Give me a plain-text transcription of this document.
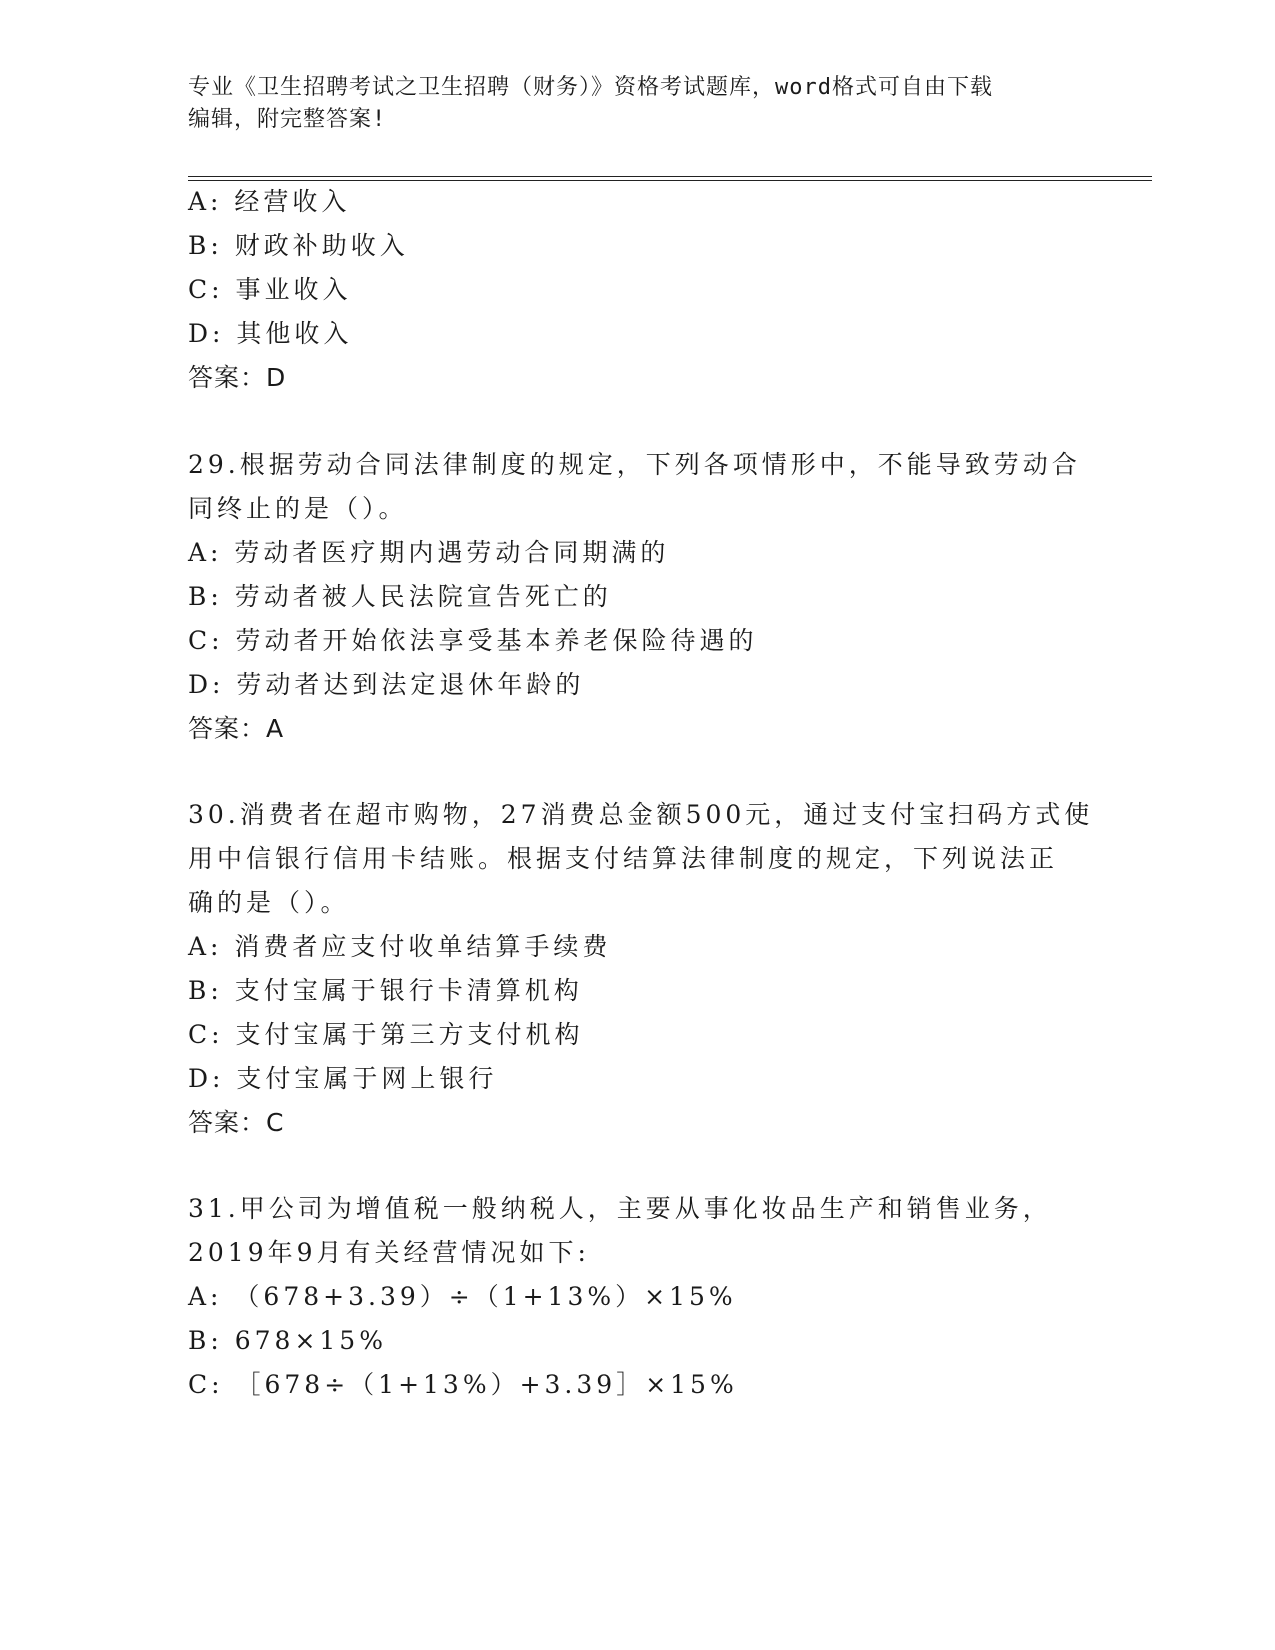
专业《卫生招聘考试之卫生招聘（财务）》资格考试题库，word格式可自由下载
编辑，附完整答案!
A: 经营收入
B: 财政补助收入
C: 事业收入
D: 其他收入
答案：D
29.根据劳动合同法律制度的规定，下列各项情形中，不能导致劳动合
同终止的是（）。
A: 劳动者医疗期内遇劳动合同期满的
B: 劳动者被人民法院宣告死亡的
C: 劳动者开始依法享受基本养老保险待遇的
D: 劳动者达到法定退休年龄的
答案：A
30.消费者在超市购物，27消费总金额500元，通过支付宝扫码方式使
用中信银行信用卡结账。根据支付结算法律制度的规定，下列说法正
确的是（）。
A: 消费者应支付收单结算手续费
B: 支付宝属于银行卡清算机构
C: 支付宝属于第三方支付机构
D: 支付宝属于网上银行
答案：C
31.甲公司为增值税一般纳税人，主要从事化妆品生产和销售业务，
2019年9月有关经营情况如下:
A: （678+3.39）÷（1+13%）×15%
B: 678×15%
C: ［678÷（1+13%）+3.39］×15%
